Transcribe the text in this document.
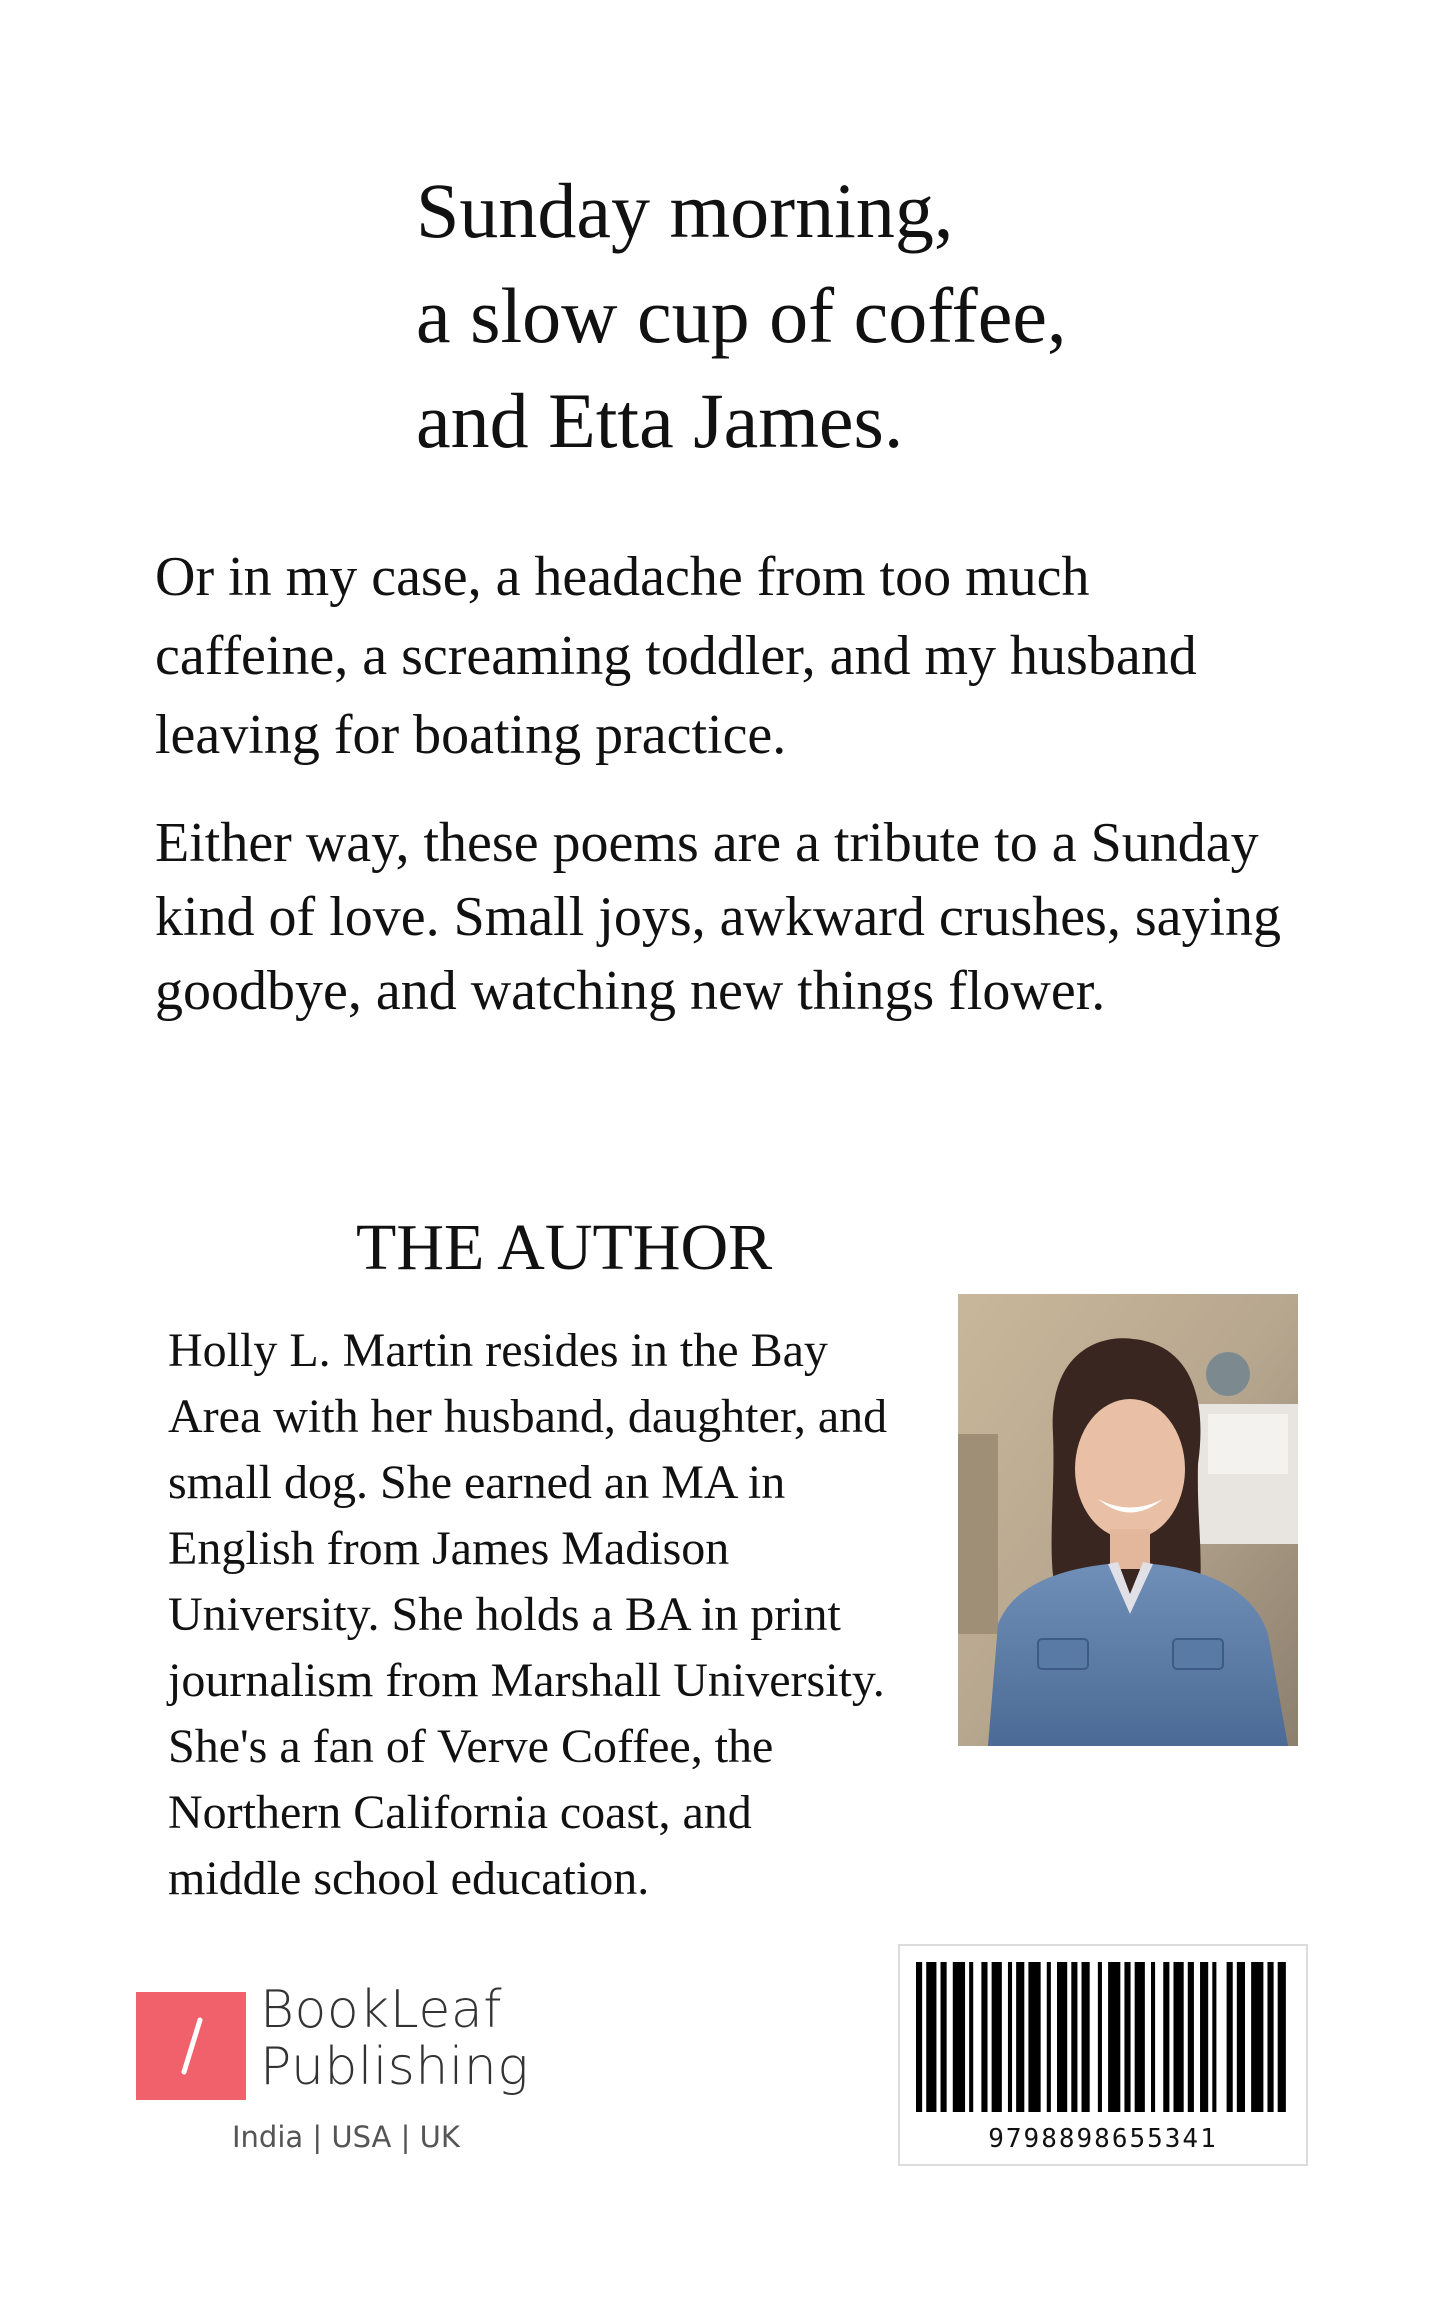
Sunday morning,
a slow cup of coffee,
and Etta James.
Or in my case, a headache from too much
caffeine, a screaming toddler, and my husband
leaving for boating practice.
Either way, these poems are a tribute to a Sunday
kind of love. Small joys, awkward crushes, saying
goodbye, and watching new things flower.
THE AUTHOR
Holly L. Martin resides in the Bay
Area with her husband, daughter, and
small dog. She earned an MA in
English from James Madison
University. She holds a BA in print
journalism from Marshall University.
She's a fan of Verve Coffee, the
Northern California coast, and
middle school education.
BookLeaf
Publishing
India | USA | UK	9798898655341
